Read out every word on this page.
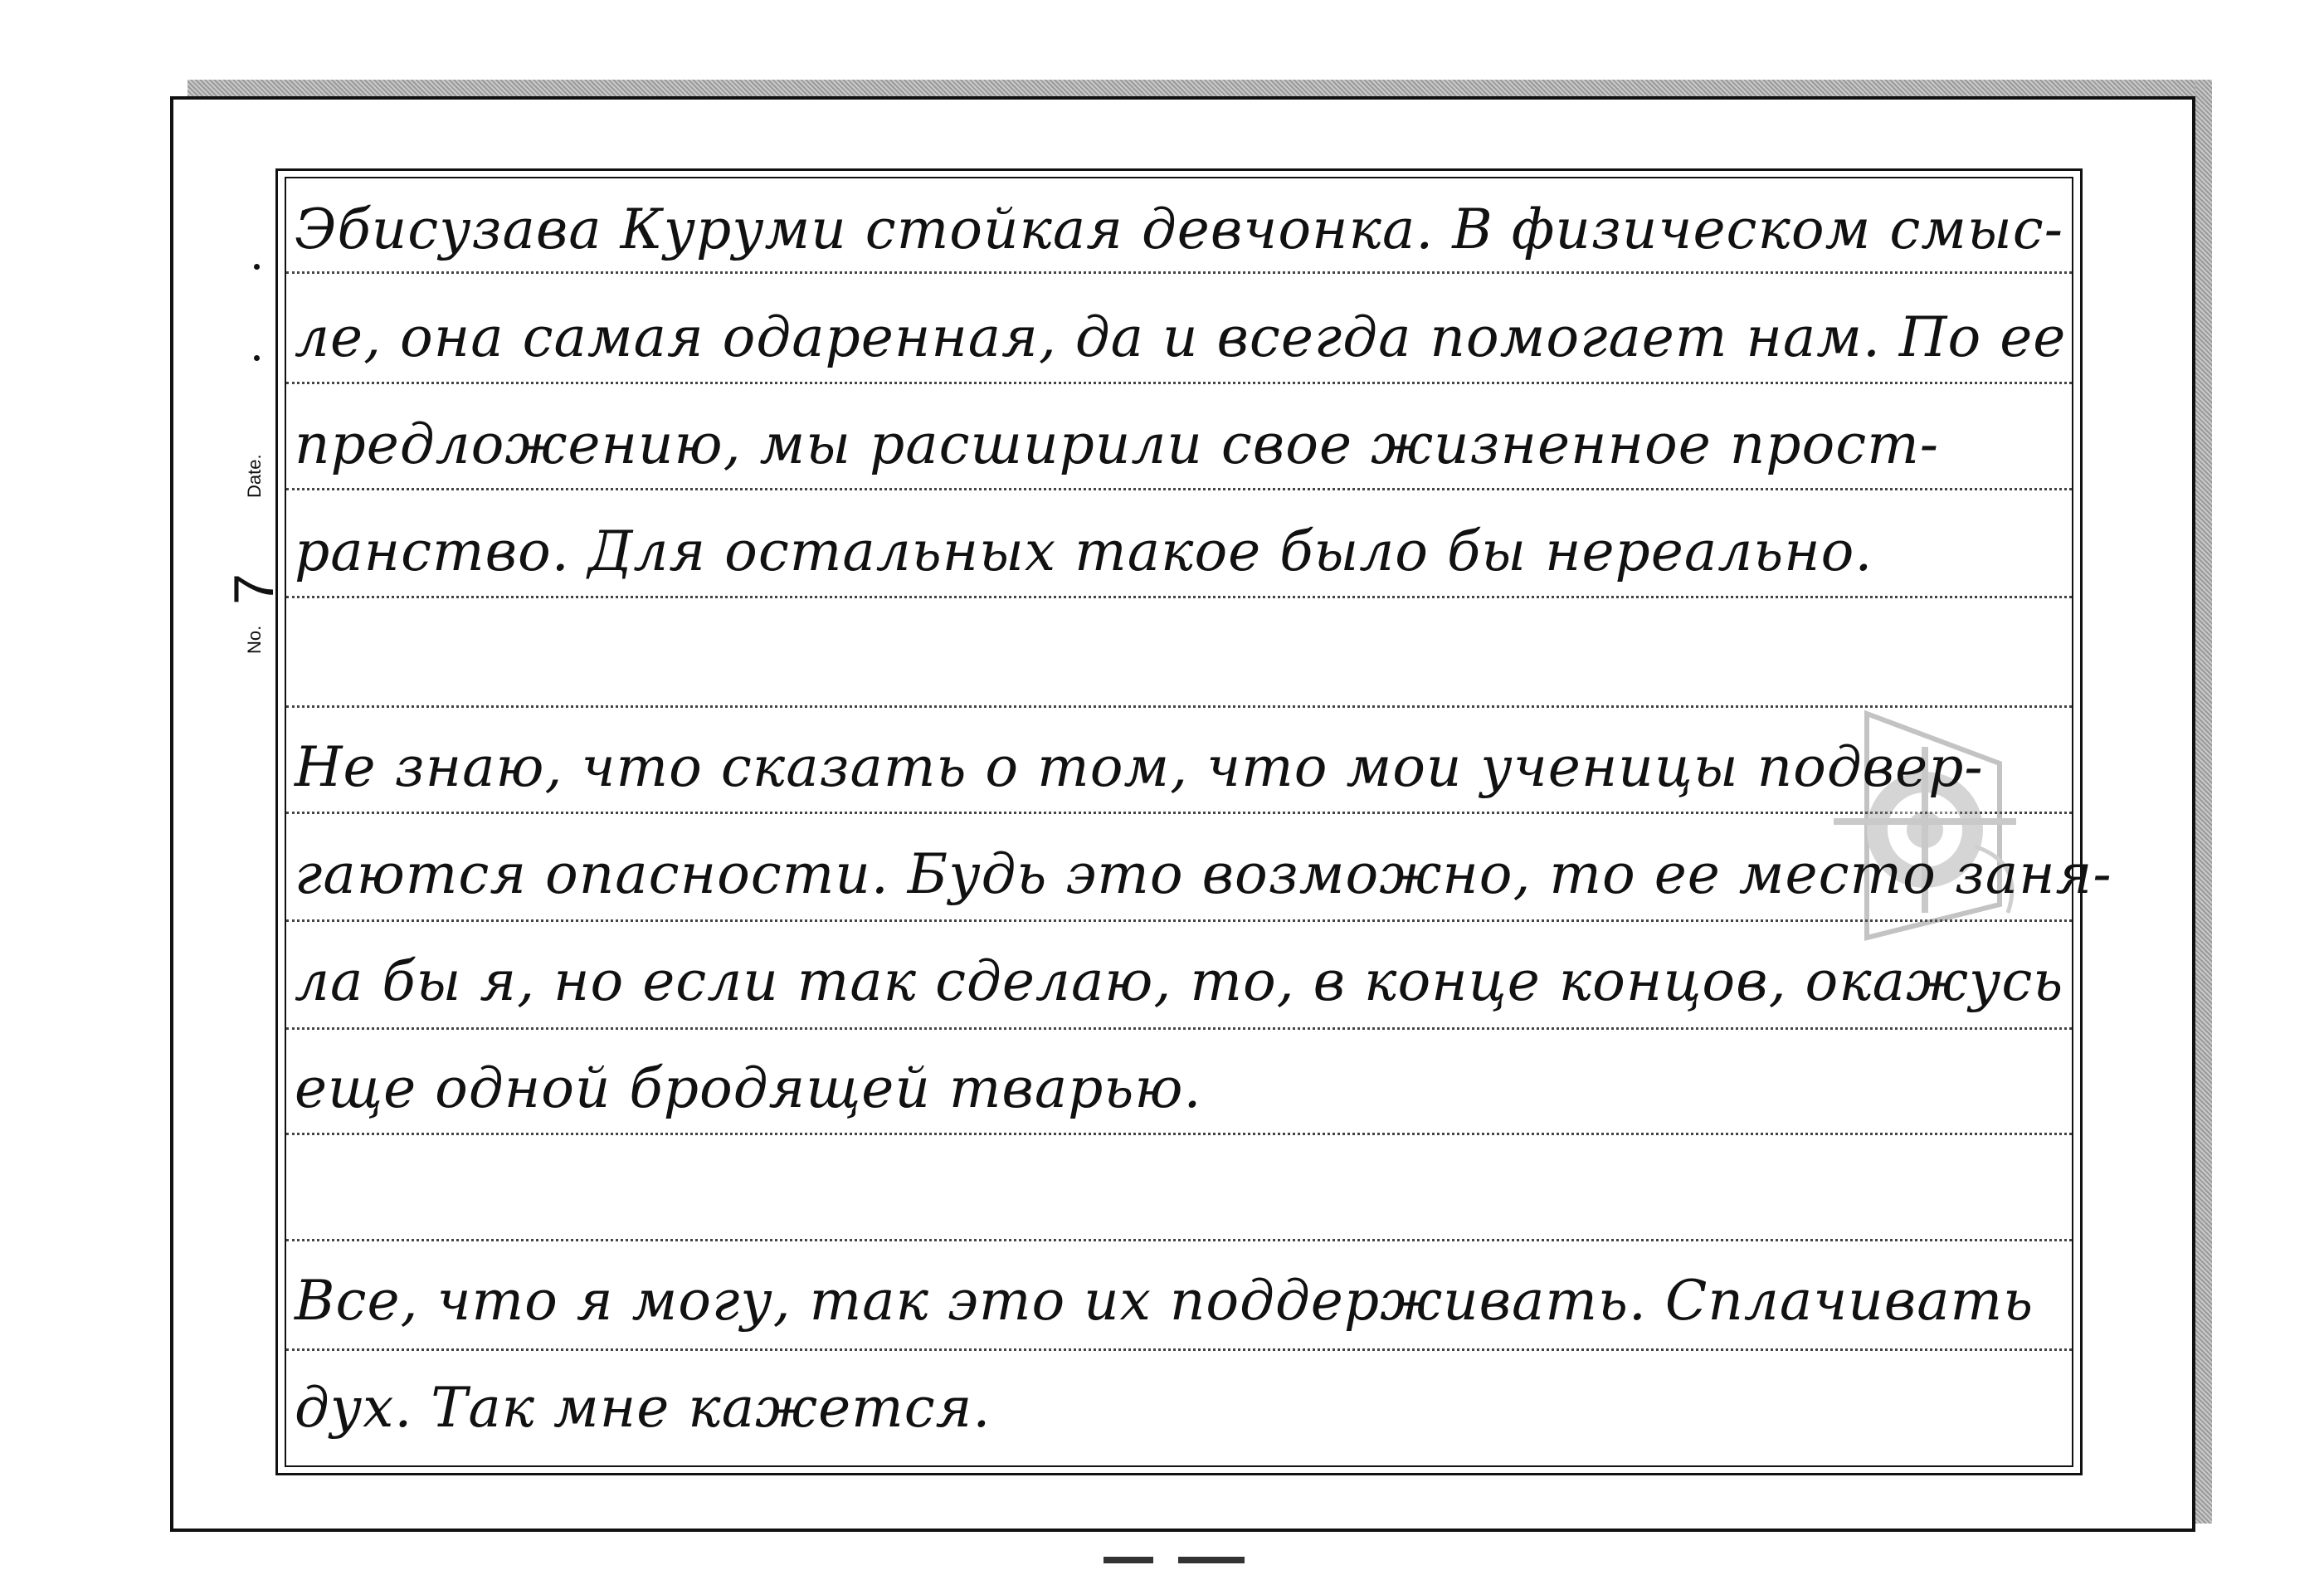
Date.
7
No.
Эбисузава Куруми стойкая девчонка. В физическом смыс-
ле, она самая одаренная, да и всегда помогает нам. По ее
предложению, мы расширили свое жизненное прост-
ранство. Для остальных такое было бы нереально.
Не знаю, что сказать о том, что мои ученицы подвер-
гаются опасности. Будь это возможно, то ее место заня-
ла бы я, но если так сделаю, то, в конце концов, окажусь
еще одной бродящей тварью.
Все, что я могу, так это их поддерживать. Сплачивать
дух. Так мне кажется.
